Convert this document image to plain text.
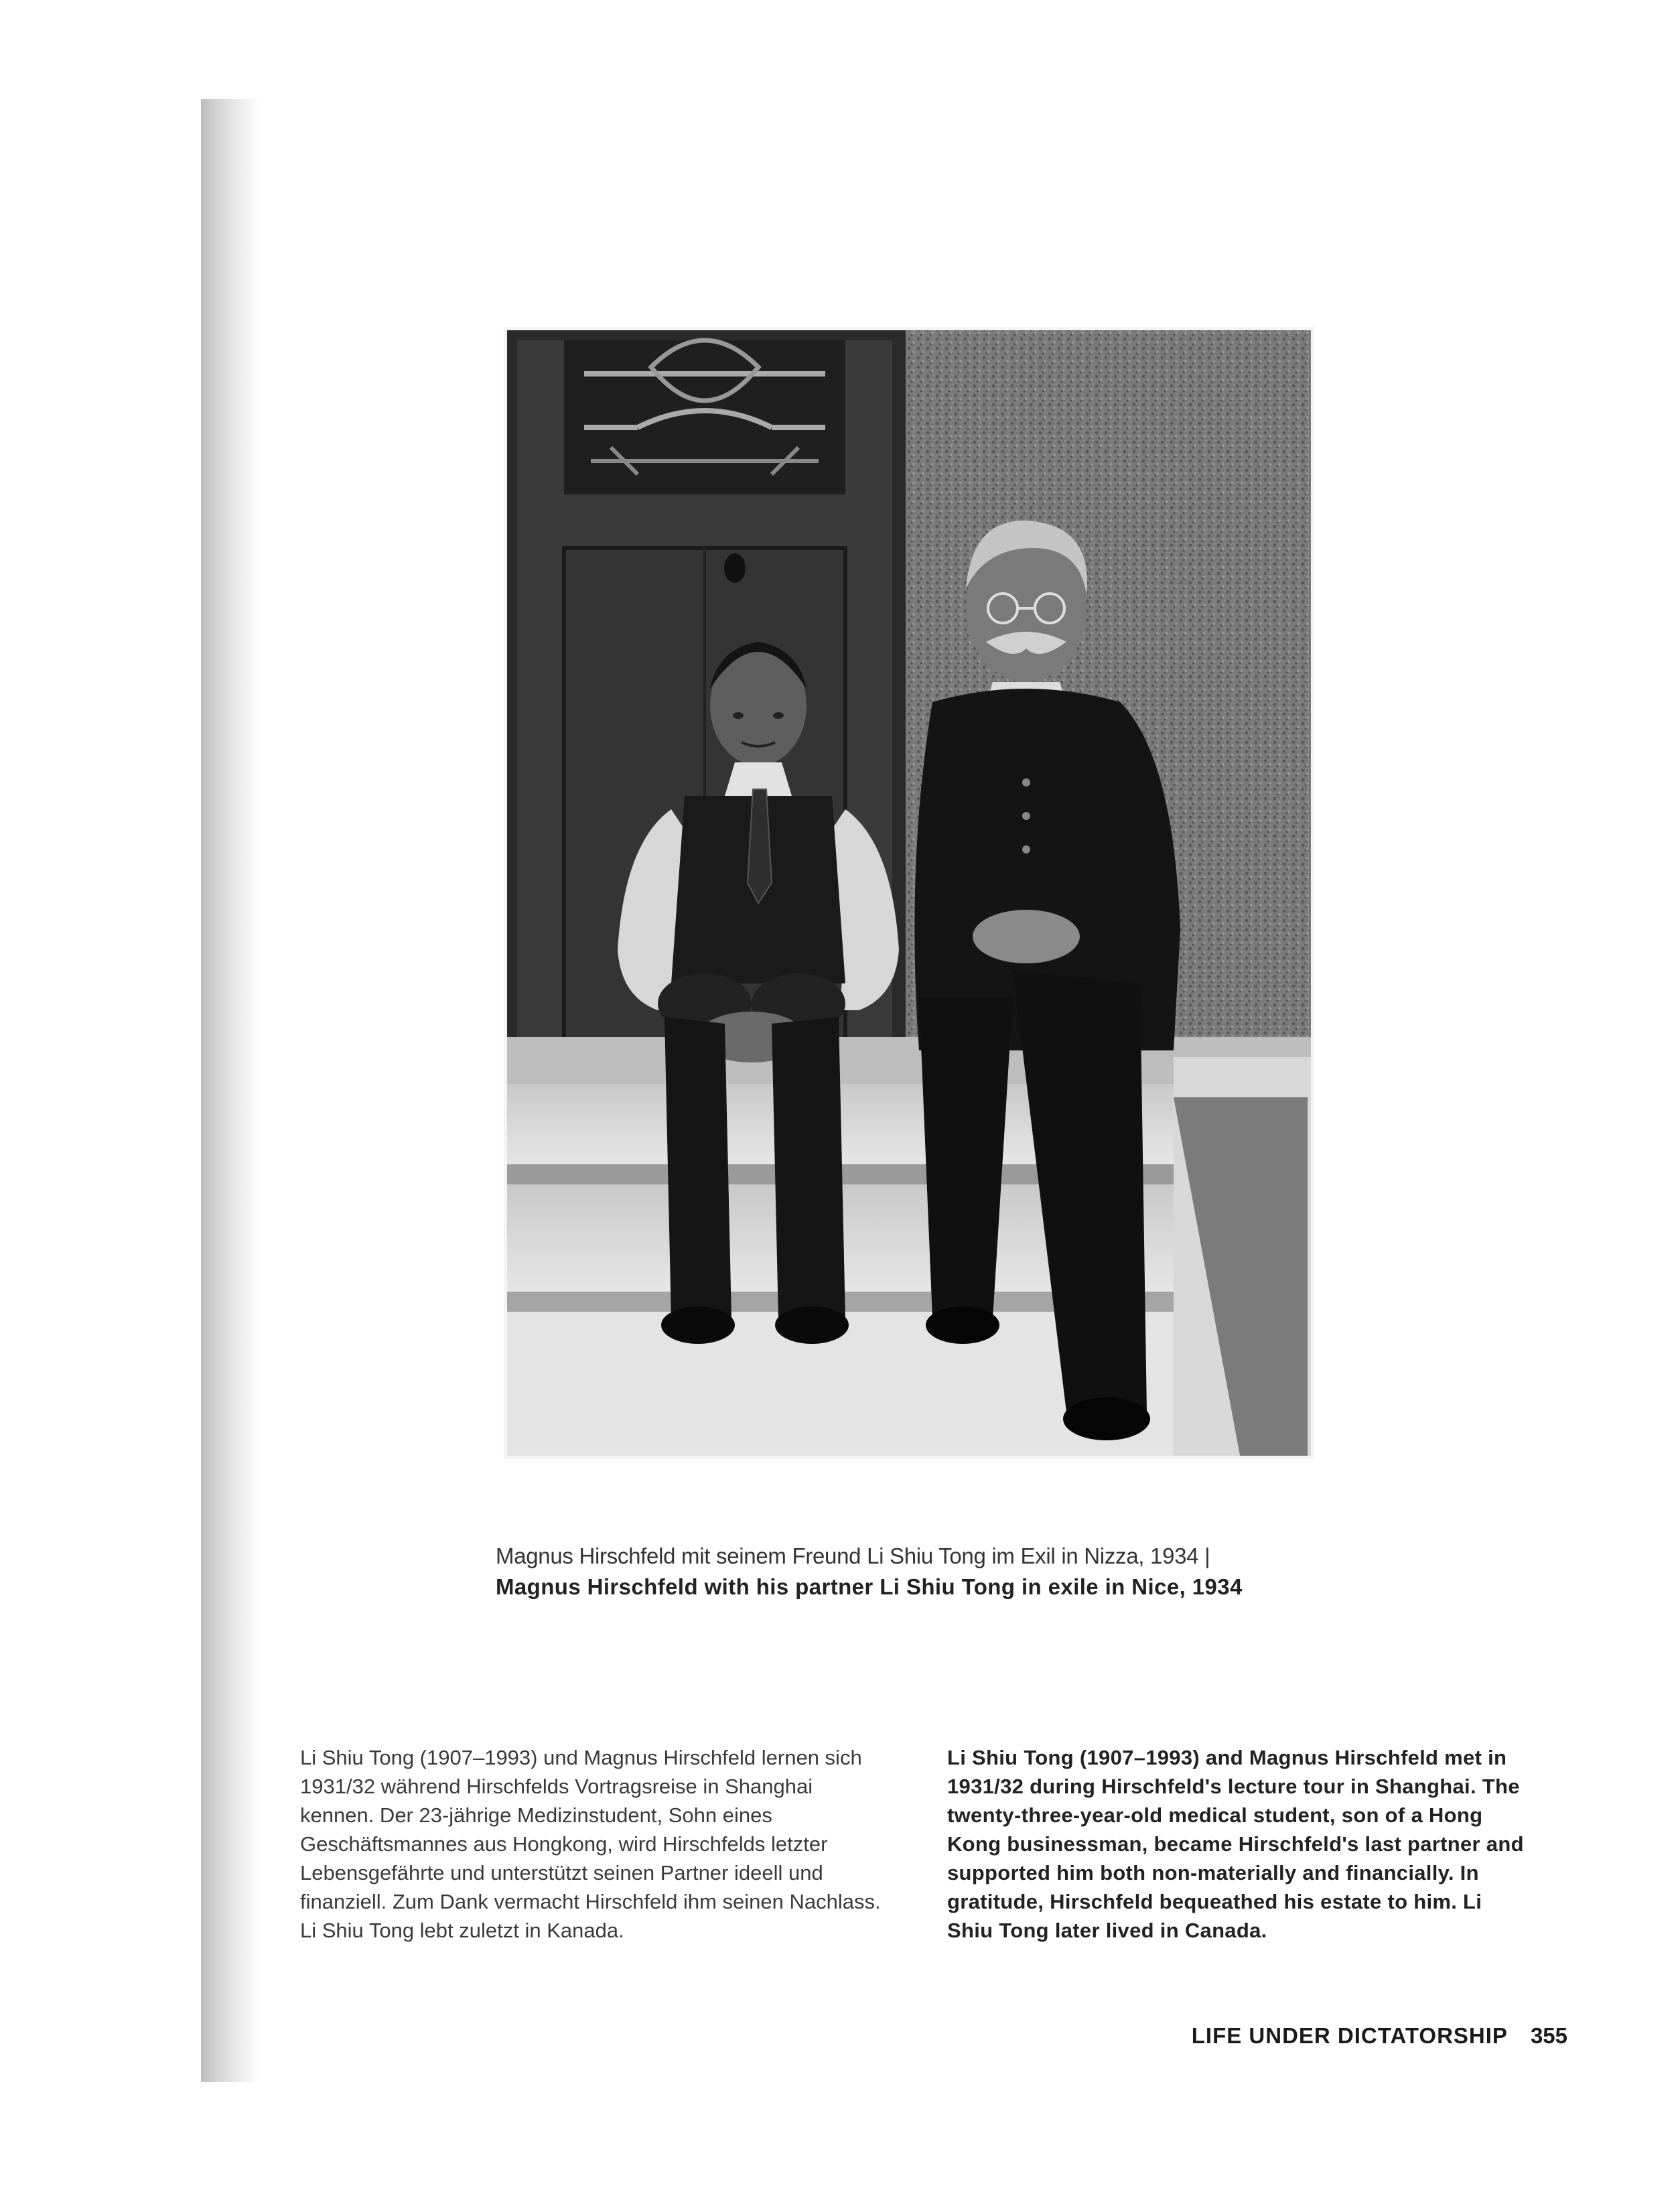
Magnus Hirschfeld mit seinem Freund Li Shiu Tong im Exil in Nizza, 1934 |
Magnus Hirschfeld with his partner Li Shiu Tong in exile in Nice, 1934

Li Shiu Tong (1907–1993) und Magnus Hirschfeld lernen sich 1931/32 während Hirschfelds Vortragsreise in Shanghai kennen. Der 23-jährige Medizinstudent, Sohn eines Geschäftsmannes aus Hongkong, wird Hirschfelds letzter Lebensgefährte und unterstützt seinen Partner ideell und finanziell. Zum Dank vermacht Hirschfeld ihm seinen Nachlass. Li Shiu Tong lebt zuletzt in Kanada.

Li Shiu Tong (1907–1993) and Magnus Hirschfeld met in 1931/32 during Hirschfeld's lecture tour in Shanghai. The twenty-three-year-old medical student, son of a Hong Kong businessman, became Hirschfeld's last partner and supported him both non-materially and financially. In gratitude, Hirschfeld bequeathed his estate to him. Li Shiu Tong later lived in Canada.

LIFE UNDER DICTATORSHIP 355
